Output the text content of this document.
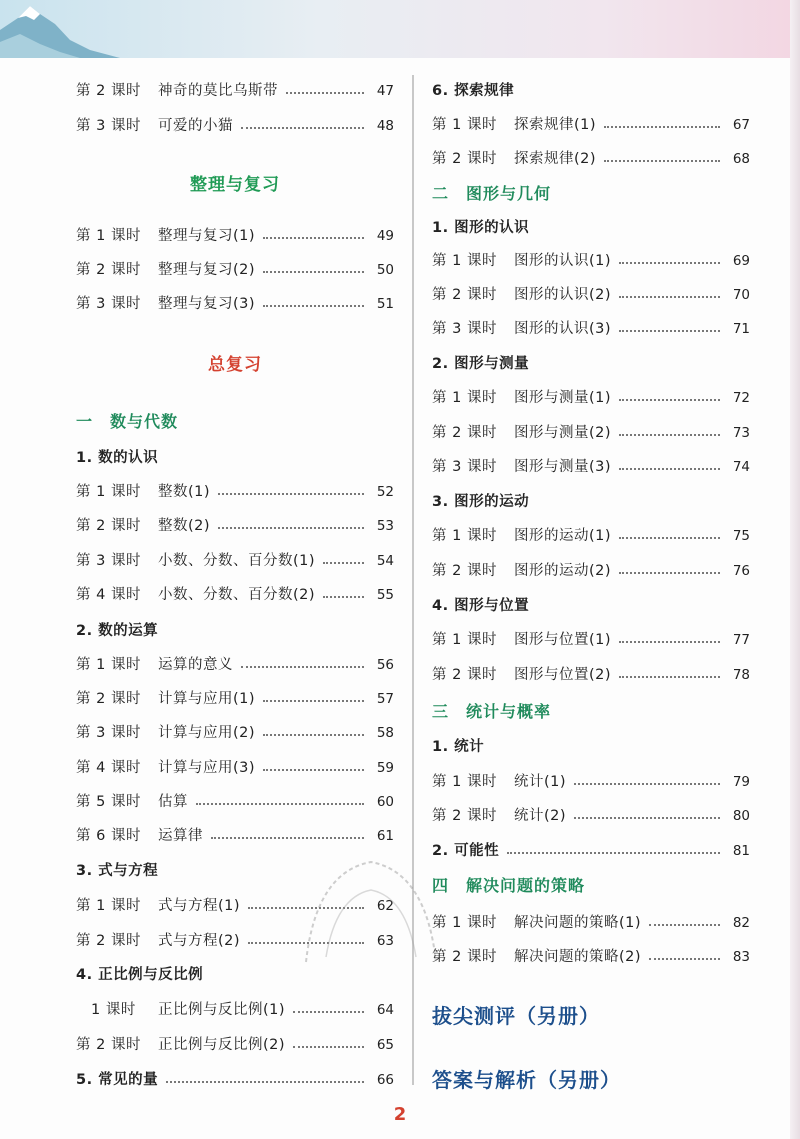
第 2 课时	神奇的莫比乌斯带	47
第 3 课时	可爱的小猫	48
整理与复习
第 1 课时	整理与复习(1)	49
第 2 课时	整理与复习(2)	50
第 3 课时	整理与复习(3)	51
总复习
一　数与代数
1. 数的认识
第 1 课时	整数(1)	52
第 2 课时	整数(2)	53
第 3 课时	小数、分数、百分数(1)	54
第 4 课时	小数、分数、百分数(2)	55
2. 数的运算
第 1 课时	运算的意义	56
第 2 课时	计算与应用(1)	57
第 3 课时	计算与应用(2)	58
第 4 课时	计算与应用(3)	59
第 5 课时	估算	60
第 6 课时	运算律	61
3. 式与方程
第 1 课时	式与方程(1)	62
第 2 课时	式与方程(2)	63
4. 正比例与反比例
　1 课时	正比例与反比例(1)	64
第 2 课时	正比例与反比例(2)	65
5. 常见的量	66
6. 探索规律
第 1 课时	探索规律(1)	67
第 2 课时	探索规律(2)	68
二　图形与几何
1. 图形的认识
第 1 课时	图形的认识(1)	69
第 2 课时	图形的认识(2)	70
第 3 课时	图形的认识(3)	71
2. 图形与测量
第 1 课时	图形与测量(1)	72
第 2 课时	图形与测量(2)	73
第 3 课时	图形与测量(3)	74
3. 图形的运动
第 1 课时	图形的运动(1)	75
第 2 课时	图形的运动(2)	76
4. 图形与位置
第 1 课时	图形与位置(1)	77
第 2 课时	图形与位置(2)	78
三　统计与概率
1. 统计
第 1 课时	统计(1)	79
第 2 课时	统计(2)	80
2. 可能性	81
四　解决问题的策略
第 1 课时	解决问题的策略(1)	82
第 2 课时	解决问题的策略(2)	83
拔尖测评（另册）
答案与解析（另册）
2
